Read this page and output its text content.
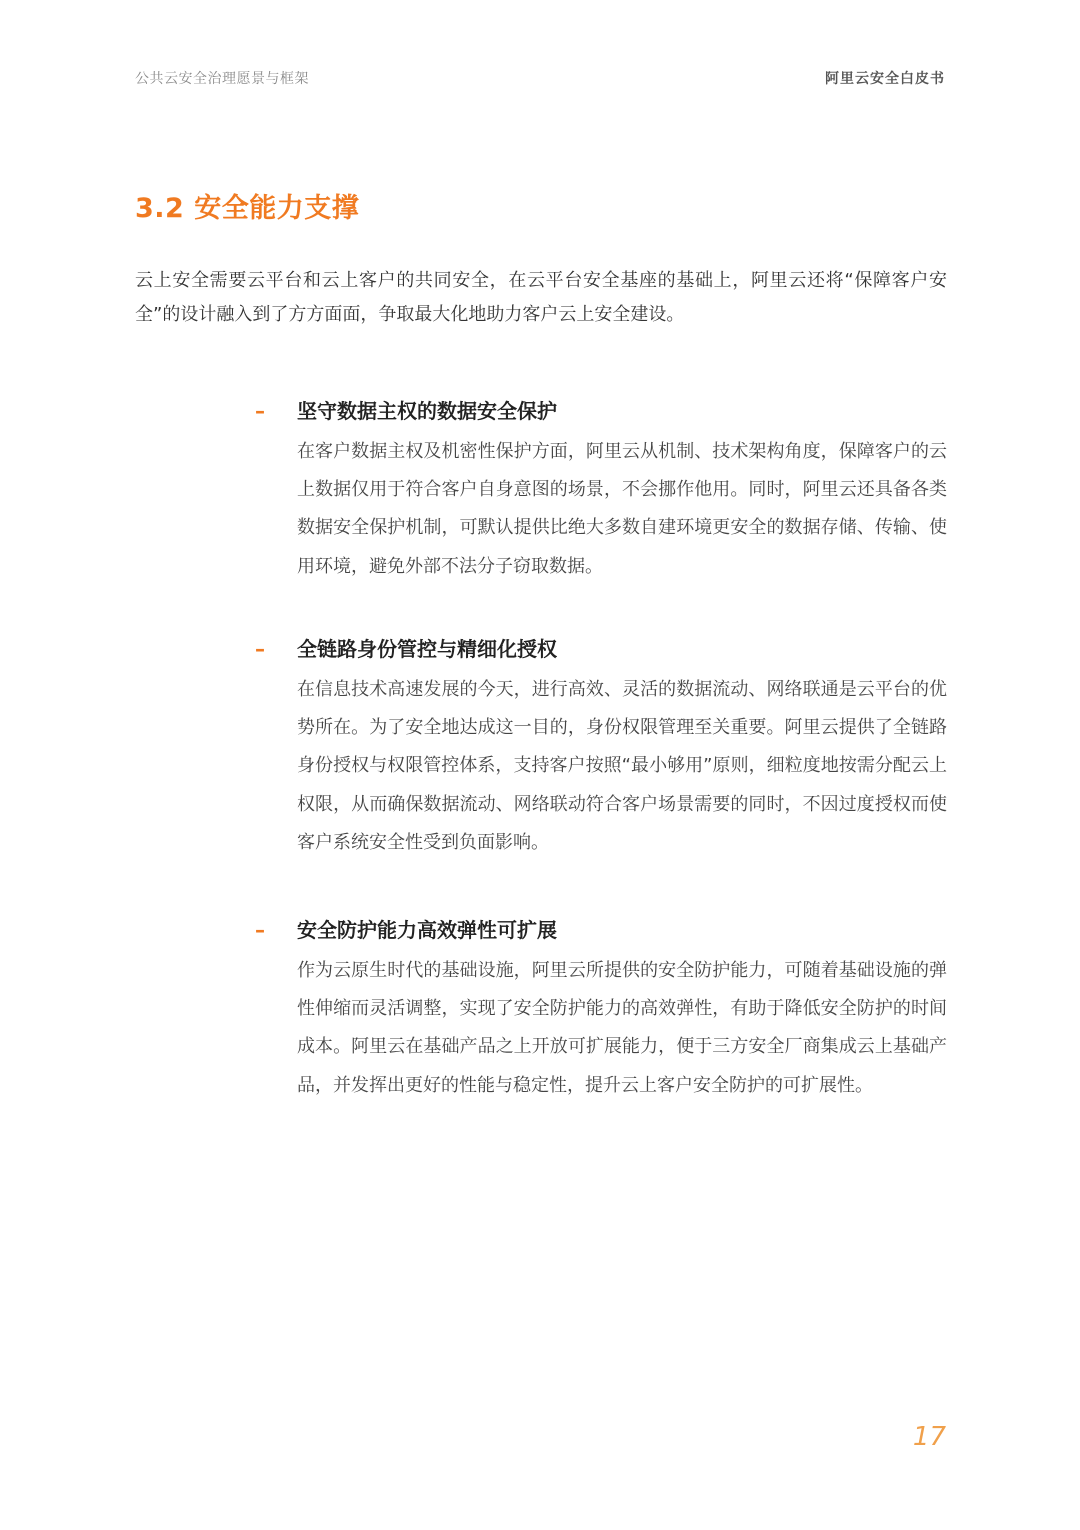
公共云安全治理愿景与框架	阿里云安全白皮书
3.2 安全能力支撑

云上安全需要云平台和云上客户的共同安全，在云平台安全基座的基础上，阿里云还将“保障客户安全”的设计融入到了方方面面，争取最大化地助力客户云上安全建设。

– 坚守数据主权的数据安全保护

在客户数据主权及机密性保护方面，阿里云从机制、技术架构角度，保障客户的云上数据仅用于符合客户自身意图的场景，不会挪作他用。同时，阿里云还具备各类数据安全保护机制，可默认提供比绝大多数自建环境更安全的数据存储、传输、使用环境，避免外部不法分子窃取数据。

– 全链路身份管控与精细化授权

在信息技术高速发展的今天，进行高效、灵活的数据流动、网络联通是云平台的优势所在。为了安全地达成这一目的，身份权限管理至关重要。阿里云提供了全链路身份授权与权限管控体系，支持客户按照“最小够用”原则，细粒度地按需分配云上权限，从而确保数据流动、网络联动符合客户场景需要的同时，不因过度授权而使客户系统安全性受到负面影响。

– 安全防护能力高效弹性可扩展

作为云原生时代的基础设施，阿里云所提供的安全防护能力，可随着基础设施的弹性伸缩而灵活调整，实现了安全防护能力的高效弹性，有助于降低安全防护的时间成本。阿里云在基础产品之上开放可扩展能力，便于三方安全厂商集成云上基础产品，并发挥出更好的性能与稳定性，提升云上客户安全防护的可扩展性。

17
